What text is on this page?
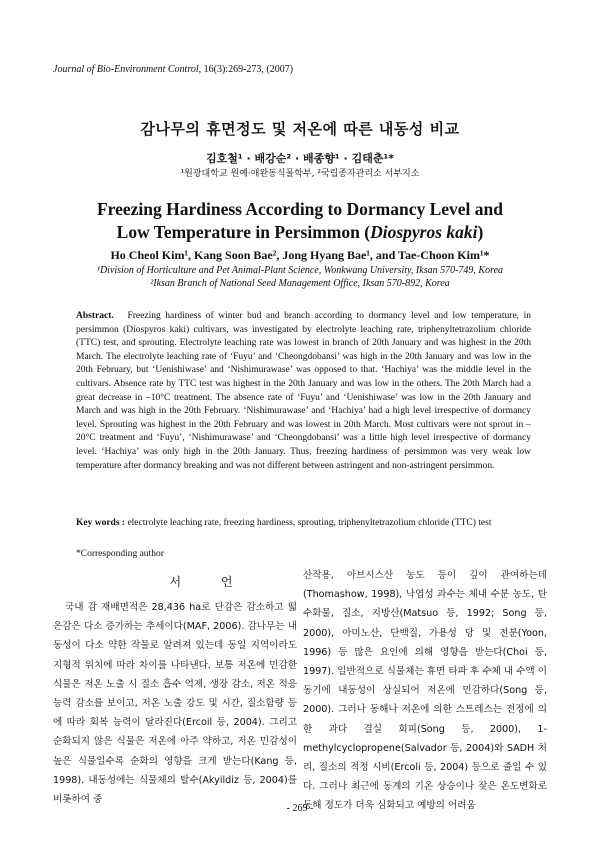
Journal of Bio-Environment Control, 16(3):269-273, (2007)
감나무의 휴면정도 및 저온에 따른 내동성 비교
김호철¹ · 배강순² · 배종향¹ · 김태춘¹*
¹원광대학교 원예·애완동식물학부, ²국립종자관리소 서부지소
Freezing Hardiness According to Dormancy Level and
Low Temperature in Persimmon (Diospyros kaki)
Ho Cheol Kim¹, Kang Soon Bae², Jong Hyang Bae¹, and Tae-Choon Kim¹*
¹Division of Horticulture and Pet Animal-Plant Science, Wonkwang University, Iksan 570-749, Korea
²Iksan Branch of National Seed Management Office, Iksan 570-892, Korea
Abstract. Freezing hardiness of winter bud and branch according to dormancy level and low temperature, in persimmon (Diospyros kaki) cultivars, was investigated by electrolyte leaching rate, triphenyltetrazolium chloride (TTC) test, and sprouting. Electrolyte leaching rate was lowest in branch of 20th January and was highest in the 20th March. The electrolyte leaching rate of ‘Fuyu’ and ‘Cheongdobansi’ was high in the 20th January and was low in the 20th February, but ‘Uenishiwase’ and ‘Nishimurawase’ was opposed to that. ‘Hachiya’ was the middle level in the cultivars. Absence rate by TTC test was highest in the 20th January and was low in the others. The 20th March had a great decrease in –10°C treatment. The absence rate of ‘Fuyu’ and ‘Uenishiwase’ was low in the 20th January and March and was high in the 20th February. ‘Nishimurawase’ and ‘Hachiya’ had a high level irrespective of dormancy level. Sprouting was highest in the 20th February and was lowest in 20th March. Most cultivars were not sprout in –20°C treatment and ‘Fuyu’, ‘Nishimurawase’ and ‘Cheongdobansi’ was a little high level irrespective of dormancy level. ‘Hachiya’ was only high in the 20th January. Thus, freezing hardiness of persimmon was very weak low temperature after dormancy breaking and was not different between astringent and non-astringent persimmon.
Key words : electrolyte leaching rate, freezing hardiness, sprouting, triphenyltetrazolium chloride (TTC) test
*Corresponding author
서 언

국내 감 재배면적은 28,436 ha로 단감은 감소하고 떫은감은 다소 증가하는 추세이다(MAF, 2006). 감나무는 내동성이 다소 약한 작물로 알려져 있는데 동일 지역이라도 지형적 위치에 따라 차이를 나타낸다. 보통 저온에 민감한 식물은 저온 노출 시 질소 흡수 억제, 생장 감소, 저온 적응능력 감소를 보이고, 저온 노출 강도 및 시간, 질소함량 등에 따라 회복 능력이 달라진다(Ercoil 등, 2004). 그리고 순화되지 않은 식물은 저온에 아주 약하고, 저온 민감성이 높은 식물일수록 순화의 영향을 크게 받는다(Kang 등, 1998). 내동성에는 식물체의 탈수(Akyildiz 등, 2004)를 비롯하여 중

산작용, 아브시스산 농도 등이 깊이 관여하는데(Thomashow, 1998), 낙엽성 과수는 체내 수분 농도, 탄수화물, 질소, 지방산(Matsuo 등, 1992; Song 등, 2000), 아미노산, 단백질, 가용성 당 및 전분(Yoon, 1996) 등 많은 요인에 의해 영향을 받는다(Choi 등, 1997). 일반적으로 식물체는 휴면 타파 후 수체 내 수액 이동기에 내동성이 상실되어 저온에 민감하다(Song 등, 2000). 그러나 동해나 저온에 의한 스트레스는 전정에 의한 과다 결실 회피(Song 등, 2000), 1-methylcyclopropene(Salvador 등, 2004)와 SADH 처리, 질소의 적정 시비(Ercoli 등, 2004) 등으로 줄일 수 있다. 그러나 최근에 동계의 기온 상승이나 잦은 온도변화로 동해 정도가 더욱 심화되고 예방의 어려움

- 269 -
